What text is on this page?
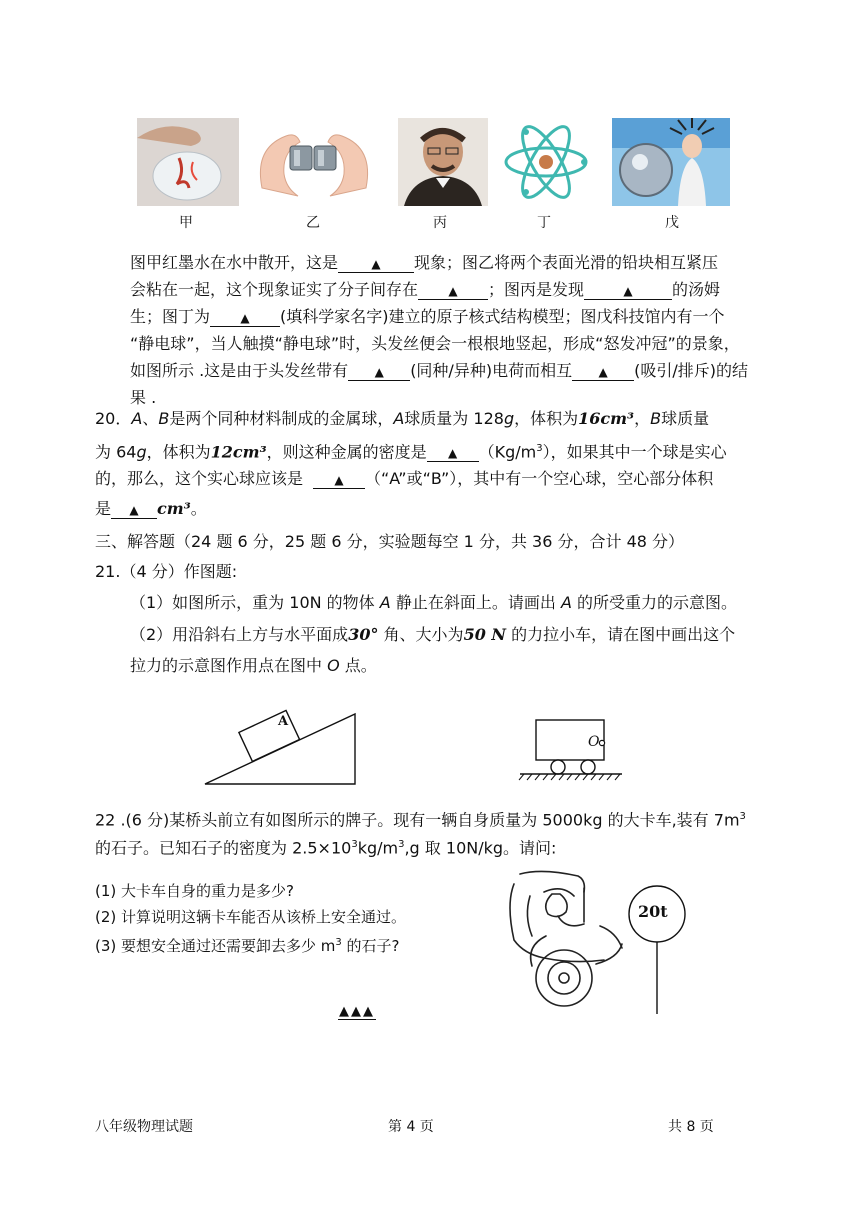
甲	乙	丙	丁	戊
图甲红墨水在水中散开，这是	▲ 现象；图乙将两个表面光滑的铅块相互紧压
会粘在一起，这个现象证实了分子间存在	▲ ；图丙是发现	▲ 的汤姆
生；图丁为	▲ (填科学家名字)建立的原子核式结构模型；图戊科技馆内有一个
“静电球”，当人触摸“静电球”时，头发丝便会一根根地竖起，形成“怒发冲冠”的景象，
如图所示 .这是由于头发丝带有 ▲ (同种/异种)电荷而相互 ▲ (吸引/排斥)的结
果 .
20．A、B是两个同种材料制成的金属球，A球质量为 128g，体积为16cm³，B球质量
为 64g，体积为12cm³，则这种金属的密度是 ▲ $(Kg/m^3)$，如果其中一个球是实心
的，那么，这个实心球应该是	▲ （“A”或“B”），其中有一个空心球，空心部分体积
是 ▲ cm³。
三、解答题（24 题 6 分，25 题 6 分，实验题每空 1 分，共 36 分，合计 48 分）
21.（4 分）作图题:
（1）如图所示，重为 10N 的物体 A 静止在斜面上。请画出 A 的所受重力的示意图。
（2）用沿斜右上方与水平面成30° 角、大小为50 N 的力拉小车，请在图中画出这个
拉力的示意图作用点在图中 O 点。
A
O
22 .(6 分)某桥头前立有如图所示的牌子。现有一辆自身质量为 5000kg 的大卡车,装有 $7m^3$
的石子。已知石子的密度为 $2.5\times 10^3kg/m^3,g$ 取 10N/kg。请问:
(1) 大卡车自身的重力是多少?
(2) 计算说明这辆卡车能否从该桥上安全通过。
(3) 要想安全通过还需要卸去多少 $m^3$ 的石子?
20t
▲▲▲
八年级物理试题	第 4 页	共 8 页
